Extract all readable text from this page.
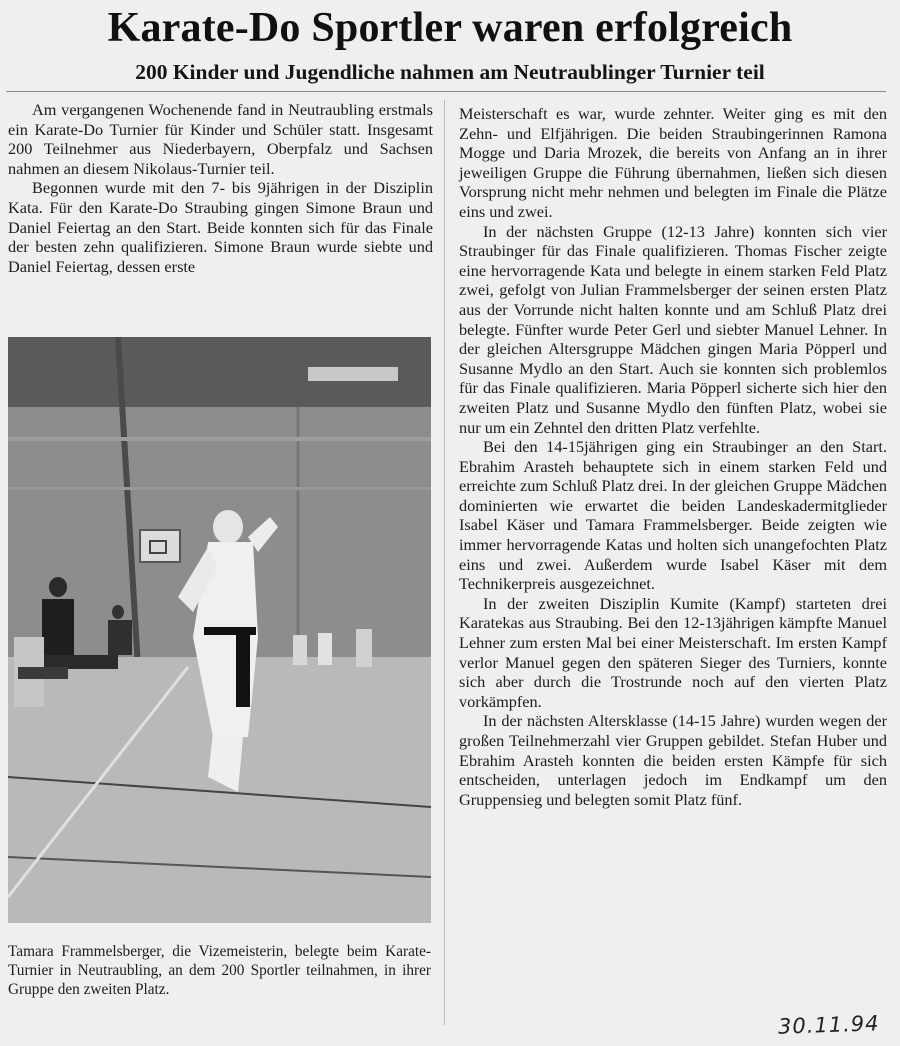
Karate-Do Sportler waren erfolgreich
200 Kinder und Jugendliche nahmen am Neutraublinger Turnier teil

Am vergangenen Wochenende fand in Neutraubling erstmals ein Karate-Do Turnier für Kinder und Schüler statt. Insgesamt 200 Teilnehmer aus Niederbayern, Oberpfalz und Sachsen nahmen an diesem Nikolaus-Turnier teil.

Begonnen wurde mit den 7- bis 9jährigen in der Disziplin Kata. Für den Karate-Do Straubing gingen Simone Braun und Daniel Feiertag an den Start. Beide konnten sich für das Finale der besten zehn qualifizieren. Simone Braun wurde siebte und Daniel Feiertag, dessen erste

Tamara Frammelsberger, die Vizemeisterin, belegte beim Karate-Turnier in Neutraubling, an dem 200 Sportler teilnahmen, in ihrer Gruppe den zweiten Platz.

Meisterschaft es war, wurde zehnter. Weiter ging es mit den Zehn- und Elfjährigen. Die beiden Straubingerinnen Ramona Mogge und Daria Mrozek, die bereits von Anfang an in ihrer jeweiligen Gruppe die Führung übernahmen, ließen sich diesen Vorsprung nicht mehr nehmen und belegten im Finale die Plätze eins und zwei.

In der nächsten Gruppe (12-13 Jahre) konnten sich vier Straubinger für das Finale qualifizieren. Thomas Fischer zeigte eine hervorragende Kata und belegte in einem starken Feld Platz zwei, gefolgt von Julian Frammelsberger der seinen ersten Platz aus der Vorrunde nicht halten konnte und am Schluß Platz drei belegte. Fünfter wurde Peter Gerl und siebter Manuel Lehner. In der gleichen Altersgruppe Mädchen gingen Maria Pöpperl und Susanne Mydlo an den Start. Auch sie konnten sich problemlos für das Finale qualifizieren. Maria Pöpperl sicherte sich hier den zweiten Platz und Susanne Mydlo den fünften Platz, wobei sie nur um ein Zehntel den dritten Platz verfehlte.

Bei den 14-15jährigen ging ein Straubinger an den Start. Ebrahim Arasteh behauptete sich in einem starken Feld und erreichte zum Schluß Platz drei. In der gleichen Gruppe Mädchen dominierten wie erwartet die beiden Landeskadermitglieder Isabel Käser und Tamara Frammelsberger. Beide zeigten wie immer hervorragende Katas und holten sich unangefochten Platz eins und zwei. Außerdem wurde Isabel Käser mit dem Technikerpreis ausgezeichnet.

In der zweiten Disziplin Kumite (Kampf) starteten drei Karatekas aus Straubing. Bei den 12-13jährigen kämpfte Manuel Lehner zum ersten Mal bei einer Meisterschaft. Im ersten Kampf verlor Manuel gegen den späteren Sieger des Turniers, konnte sich aber durch die Trostrunde noch auf den vierten Platz vorkämpfen.

In der nächsten Altersklasse (14-15 Jahre) wurden wegen der großen Teilnehmerzahl vier Gruppen gebildet. Stefan Huber und Ebrahim Arasteh konnten die beiden ersten Kämpfe für sich entscheiden, unterlagen jedoch im Endkampf um den Gruppensieg und belegten somit Platz fünf.

30.11.94
